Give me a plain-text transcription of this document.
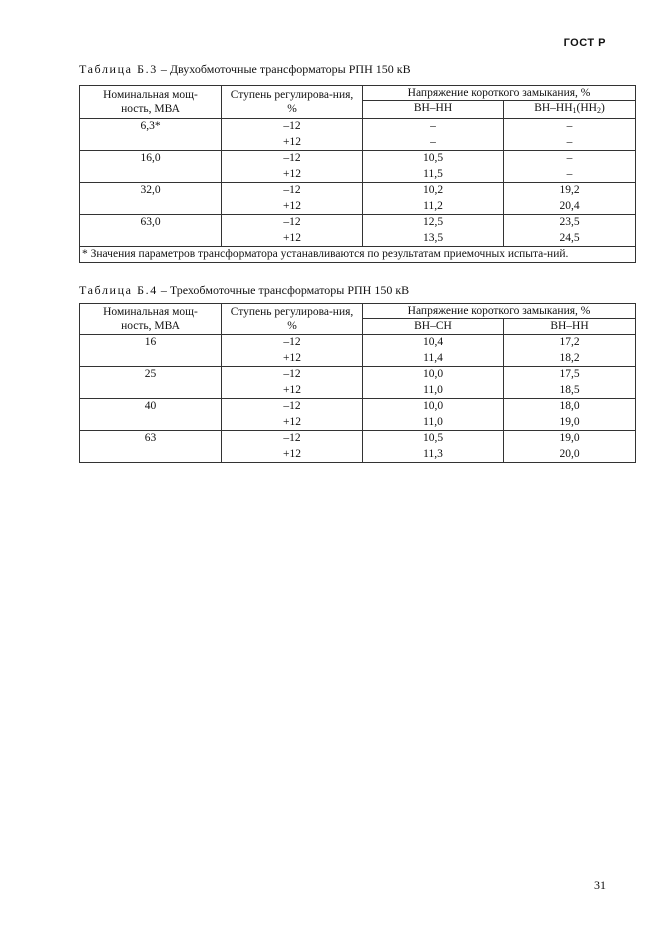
ГОСТ Р
Таблица Б.3 – Двухобмоточные трансформаторы РПН 150 кВ
Номинальная мощ-ность, МВА	Ступень регулирова-ния, %	Напряжение короткого замыкания, %	
		ВН–НН	$ВН-НН_1(НН_2)$
6,3*	–12	–	–
	+12	–	–
16,0	–12	10,5	–
	+12	11,5	–
32,0	–12	10,2	19,2
	+12	11,2	20,4
63,0	–12	12,5	23,5
	+12	13,5	24,5
* Значения параметров трансформатора устанавливаются по результатам приемочных испыта-ний.			
Таблица Б.4 – Трехобмоточные трансформаторы РПН 150 кВ
Номинальная мощ-ность, МВА	Ступень регулирова-ния, %	Напряжение короткого замыкания, %	
		ВН–СН	ВН–НН
16	–12	10,4	17,2
	+12	11,4	18,2
25	–12	10,0	17,5
	+12	11,0	18,5
40	–12	10,0	18,0
	+12	11,0	19,0
63	–12	10,5	19,0
	+12	11,3	20,0
31
